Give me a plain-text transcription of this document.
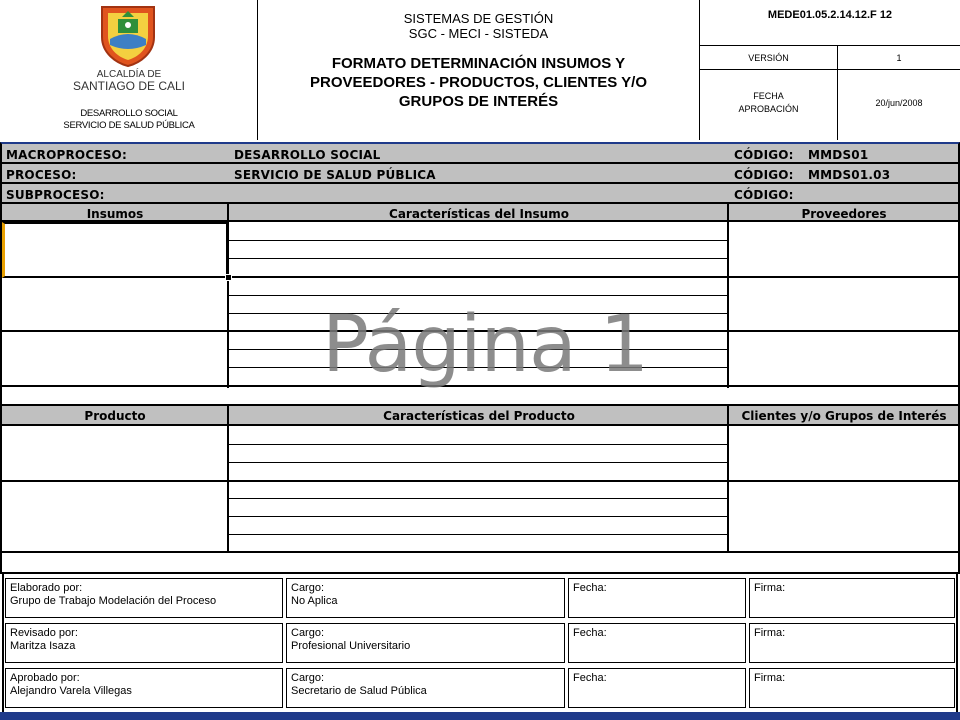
ALCALDÍA DE
SANTIAGO DE CALI
DESARROLLO SOCIAL
SERVICIO DE SALUD PÚBLICA
SISTEMAS DE GESTIÓN
SGC - MECI - SISTEDA
FORMATO DETERMINACIÓN INSUMOS Y PROVEEDORES - PRODUCTOS, CLIENTES Y/O GRUPOS DE INTERÉS
MEDE01.05.2.14.12.F 12
VERSIÓN	1
FECHA APROBACIÓN
20/jun/2008
MACROPROCESO:	DESARROLLO SOCIAL	CÓDIGO: MMDS01
PROCESO:	SERVICIO DE SALUD PÚBLICA	CÓDIGO: MMDS01.03
SUBPROCESO:	CÓDIGO:
Insumos	Características del Insumo	Proveedores
Producto	Características del Producto	Clientes y/o Grupos de Interés
Página 1
Elaborado por:
Grupo de Trabajo Modelación del Proceso
Cargo:
No Aplica
Fecha:	Firma:
Revisado por:
Maritza Isaza
Cargo:
Profesional Universitario
Fecha:	Firma:
Aprobado por:
Alejandro Varela Villegas
Cargo:
Secretario de Salud Pública
Fecha:	Firma:
